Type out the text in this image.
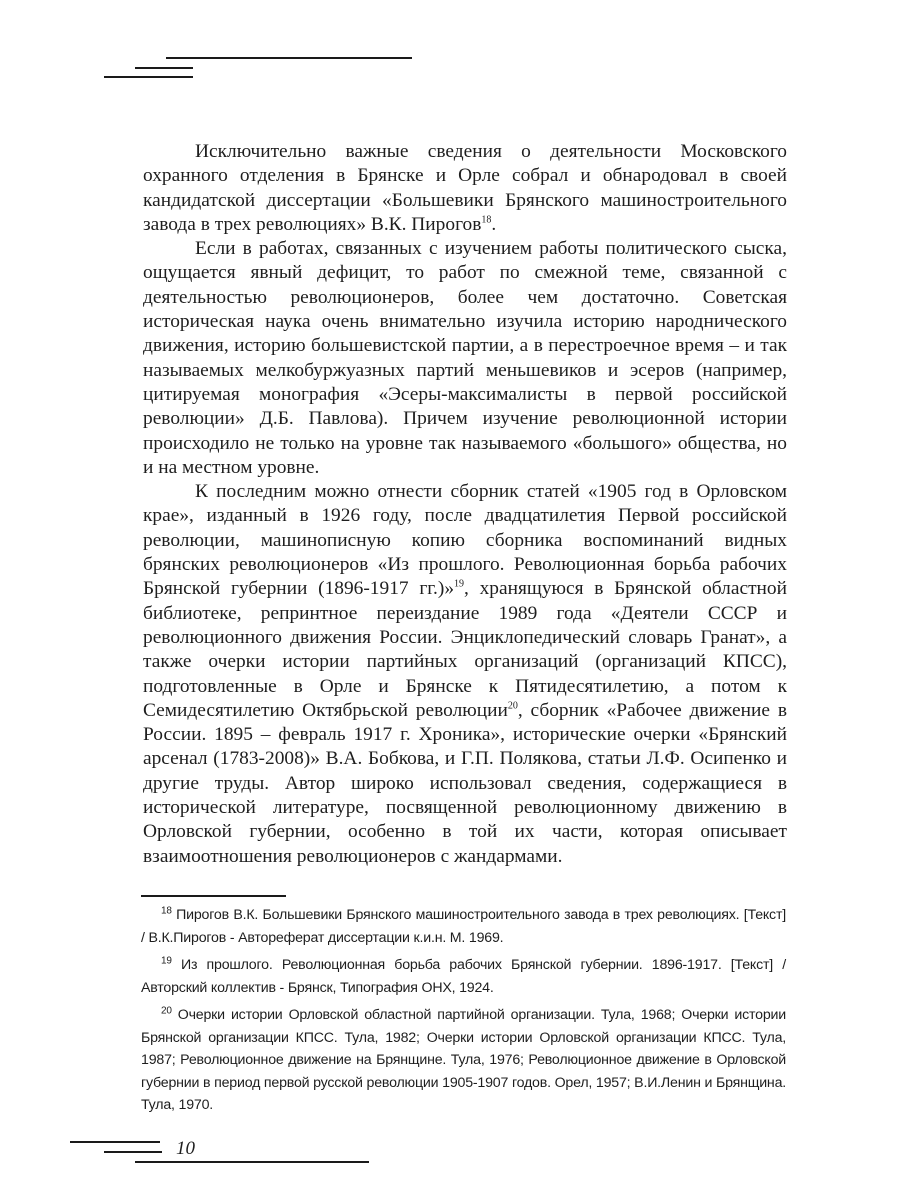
Исключительно важные сведения о деятельности Московского охранного отделения в Брянске и Орле собрал и обнародовал в своей кандидатской диссертации «Большевики Брянского машиностроительного завода в трех революциях» В.К. Пирогов$^{18}$.

Если в работах, связанных с изучением работы политического сыска, ощущается явный дефицит, то работ по смежной теме, связанной с деятельностью революционеров, более чем достаточно. Советская историческая наука очень внимательно изучила историю народнического движения, историю большевистской партии, а в перестроечное время – и так называемых мелкобуржуазных партий меньшевиков и эсеров (например, цитируемая монография «Эсеры-максималисты в первой российской революции» Д.Б. Павлова). Причем изучение революционной истории происходило не только на уровне так называемого «большого» общества, но и на местном уровне.

К последним можно отнести сборник статей «1905 год в Орловском крае», изданный в 1926 году, после двадцатилетия Первой российской революции, машинописную копию сборника воспоминаний видных брянских революционеров «Из прошлого. Революционная борьба рабочих Брянской губернии (1896-1917 гг.)»$^{19}$, хранящуюся в Брянской областной библиотеке, репринтное переиздание 1989 года «Деятели СССР и революционного движения России. Энциклопедический словарь Гранат», а также очерки истории партийных организаций (организаций КПСС), подготовленные в Орле и Брянске к Пятидесятилетию, а потом к Семидесятилетию Октябрьской революции$^{20}$, сборник «Рабочее движение в России. 1895 – февраль 1917 г. Хроника», исторические очерки «Брянский арсенал (1783-2008)» В.А. Бобкова, и Г.П. Полякова, статьи Л.Ф. Осипенко и другие труды. Автор широко использовал сведения, содержащиеся в исторической литературе, посвященной революционному движению в Орловской губернии, особенно в той их части, которая описывает взаимоотношения революционеров с жандармами.

$^{18}$ Пирогов В.К. Большевики Брянского машиностроительного завода в трех революциях. [Текст] / В.К.Пирогов - Автореферат диссертации к.и.н. М. 1969.

$^{19}$ Из прошлого. Революционная борьба рабочих Брянской губернии. 1896-1917. [Текст] / Авторский коллектив - Брянск, Типография ОНХ, 1924.

$^{20}$ Очерки истории Орловской областной партийной организации. Тула, 1968; Очерки истории Брянской организации КПСС. Тула, 1982; Очерки истории Орловской организации КПСС. Тула, 1987; Революционное движение на Брянщине. Тула, 1976; Революционное движение в Орловской губернии в период первой русской революции 1905-1907 годов. Орел, 1957; В.И.Ленин и Брянщина. Тула, 1970.

10
